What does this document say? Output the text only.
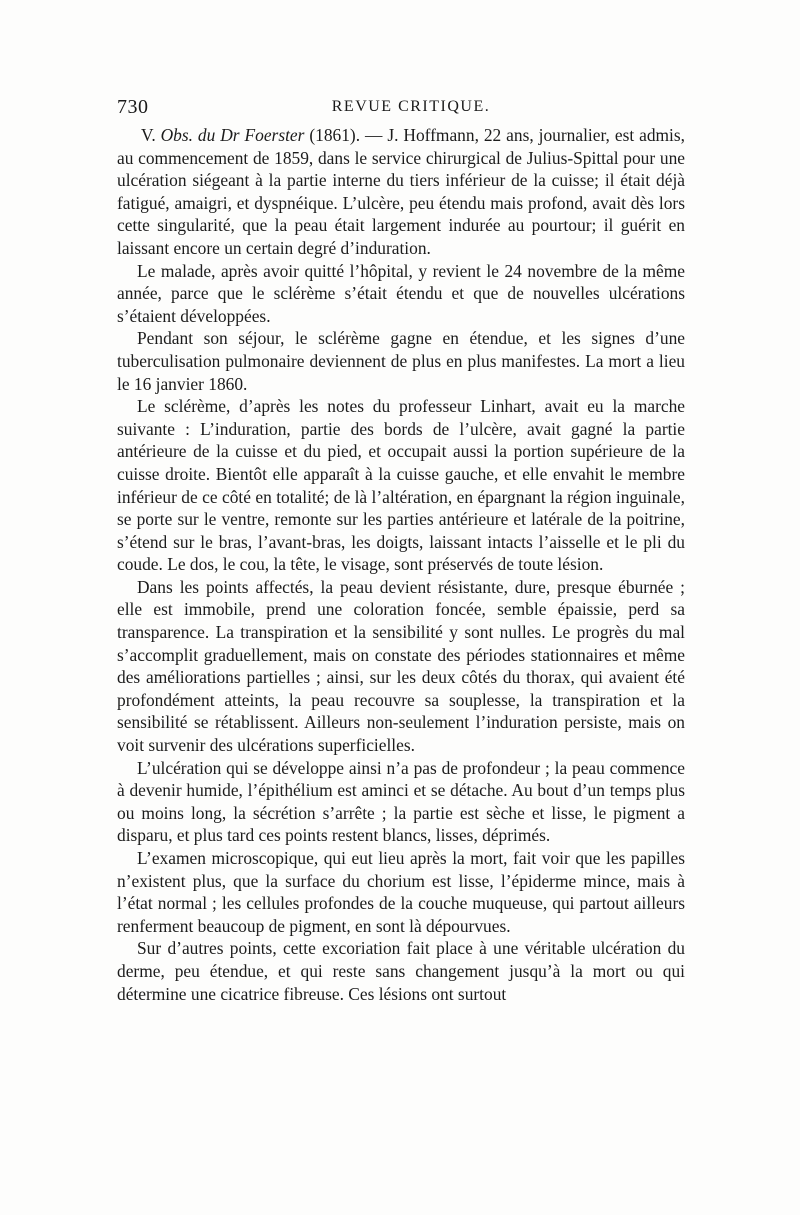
730	REVUE CRITIQUE.

V. Obs. du Dr Foerster (1861). — J. Hoffmann, 22 ans, journalier, est admis, au commencement de 1859, dans le service chirurgical de Julius-Spittal pour une ulcération siégeant à la partie interne du tiers inférieur de la cuisse; il était déjà fatigué, amaigri, et dyspnéique. L’ulcère, peu étendu mais profond, avait dès lors cette singularité, que la peau était largement indurée au pourtour; il guérit en laissant encore un certain degré d’induration.

Le malade, après avoir quitté l’hôpital, y revient le 24 novembre de la même année, parce que le sclérème s’était étendu et que de nouvelles ulcérations s’étaient développées.

Pendant son séjour, le sclérème gagne en étendue, et les signes d’une tuberculisation pulmonaire deviennent de plus en plus manifestes. La mort a lieu le 16 janvier 1860.

Le sclérème, d’après les notes du professeur Linhart, avait eu la marche suivante : L’induration, partie des bords de l’ulcère, avait gagné la partie antérieure de la cuisse et du pied, et occupait aussi la portion supérieure de la cuisse droite. Bientôt elle apparaît à la cuisse gauche, et elle envahit le membre inférieur de ce côté en totalité; de là l’altération, en épargnant la région inguinale, se porte sur le ventre, remonte sur les parties antérieure et latérale de la poitrine, s’étend sur le bras, l’avant-bras, les doigts, laissant intacts l’aisselle et le pli du coude. Le dos, le cou, la tête, le visage, sont préservés de toute lésion.

Dans les points affectés, la peau devient résistante, dure, presque éburnée ; elle est immobile, prend une coloration foncée, semble épaissie, perd sa transparence. La transpiration et la sensibilité y sont nulles. Le progrès du mal s’accomplit graduellement, mais on constate des périodes stationnaires et même des améliorations partielles ; ainsi, sur les deux côtés du thorax, qui avaient été profondément atteints, la peau recouvre sa souplesse, la transpiration et la sensibilité se rétablissent. Ailleurs non-seulement l’induration persiste, mais on voit survenir des ulcérations superficielles.

L’ulcération qui se développe ainsi n’a pas de profondeur ; la peau commence à devenir humide, l’épithélium est aminci et se détache. Au bout d’un temps plus ou moins long, la sécrétion s’arrête ; la partie est sèche et lisse, le pigment a disparu, et plus tard ces points restent blancs, lisses, déprimés.

L’examen microscopique, qui eut lieu après la mort, fait voir que les papilles n’existent plus, que la surface du chorium est lisse, l’épiderme mince, mais à l’état normal ; les cellules profondes de la couche muqueuse, qui partout ailleurs renferment beaucoup de pigment, en sont là dépourvues.

Sur d’autres points, cette excoriation fait place à une véritable ulcération du derme, peu étendue, et qui reste sans changement jusqu’à la mort ou qui détermine une cicatrice fibreuse. Ces lésions ont surtout
